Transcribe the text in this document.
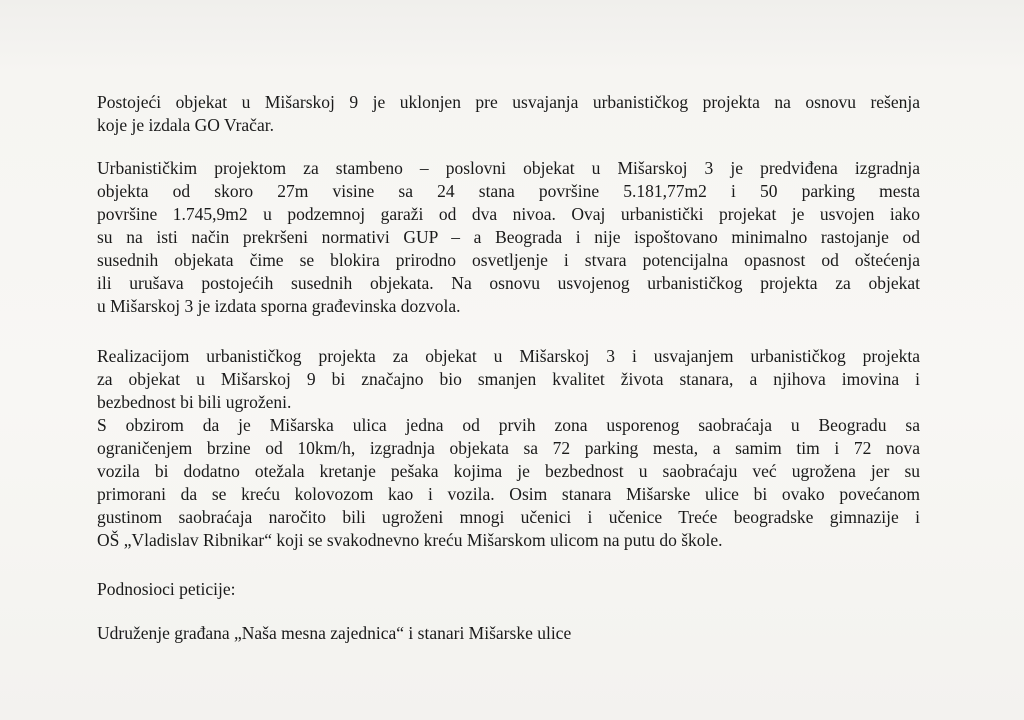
Postojeći objekat u Mišarskoj 9 je uklonjen pre usvajanja urbanističkog projekta na osnovu rešenja
koje je izdala GO Vračar.

Urbanističkim projektom za stambeno – poslovni objekat u Mišarskoj 3 je predviđena izgradnja
objekta od skoro 27m visine sa 24 stana površine 5.181,77m2 i 50 parking mesta
površine 1.745,9m2 u podzemnoj garaži od dva nivoa. Ovaj urbanistički projekat je usvojen iako
su na isti način prekršeni normativi GUP – a Beograda i nije ispoštovano minimalno rastojanje od
susednih objekata čime se blokira prirodno osvetljenje i stvara potencijalna opasnost od oštećenja
ili urušava postojećih susednih objekata. Na osnovu usvojenog urbanističkog projekta za objekat
u Mišarskoj 3 je izdata sporna građevinska dozvola.

Realizacijom urbanističkog projekta za objekat u Mišarskoj 3 i usvajanjem urbanističkog projekta
za objekat u Mišarskoj 9 bi značajno bio smanjen kvalitet života stanara, a njihova imovina i
bezbednost bi bili ugroženi.

S obzirom da je Mišarska ulica jedna od prvih zona usporenog saobraćaja u Beogradu sa
ograničenjem brzine od 10km/h, izgradnja objekata sa 72 parking mesta, a samim tim i 72 nova
vozila bi dodatno otežala kretanje pešaka kojima je bezbednost u saobraćaju već ugrožena jer su
primorani da se kreću kolovozom kao i vozila. Osim stanara Mišarske ulice bi ovako povećanom
gustinom saobraćaja naročito bili ugroženi mnogi učenici i učenice Treće beogradske gimnazije i
OŠ „Vladislav Ribnikar“ koji se svakodnevno kreću Mišarskom ulicom na putu do škole.

Podnosioci peticije:

Udruženje građana „Naša mesna zajednica“ i stanari Mišarske ulice
